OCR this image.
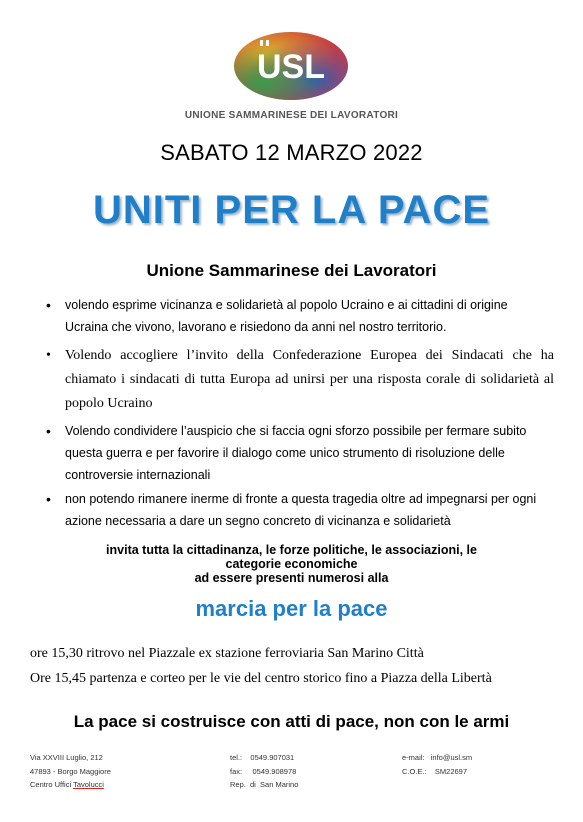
USL
UNIONE SAMMARINESE DEI LAVORATORI
SABATO 12 MARZO 2022
UNITI PER LA PACE
Unione Sammarinese dei Lavoratori
• volendo esprime vicinanza e solidarietà al popolo Ucraino e ai cittadini di origine Ucraina che vivono, lavorano e risiedono da anni nel nostro territorio.
• Volendo accogliere l’invito della Confederazione Europea dei Sindacati che ha chiamato i sindacati di tutta Europa ad unirsi per una risposta corale di solidarietà al popolo Ucraino
• Volendo condividere l’auspicio che si faccia ogni sforzo possibile per fermare subito questa guerra e per favorire il dialogo come unico strumento di risoluzione delle controversie internazionali
• non potendo rimanere inerme di fronte a questa tragedia oltre ad impegnarsi per ogni azione necessaria a dare un segno concreto di vicinanza e solidarietà
invita tutta la cittadinanza, le forze politiche, le associazioni, le
categorie economiche
ad essere presenti numerosi alla
marcia per la pace
ore 15,30 ritrovo nel Piazzale ex stazione ferroviaria San Marino Città
Ore 15,45 partenza e corteo per le vie del centro storico fino a Piazza della Libertà
La pace si costruisce con atti di pace, non con le armi
Via XXVIII Luglio, 212
47893 - Borgo Maggiore
Centro Uffici Tavolucci
tel.:    0549.907031
fax:     0549.908978
Rep.  di  San Marino
e-mail:   info@usl.sm
C.O.E.:    SM22697
